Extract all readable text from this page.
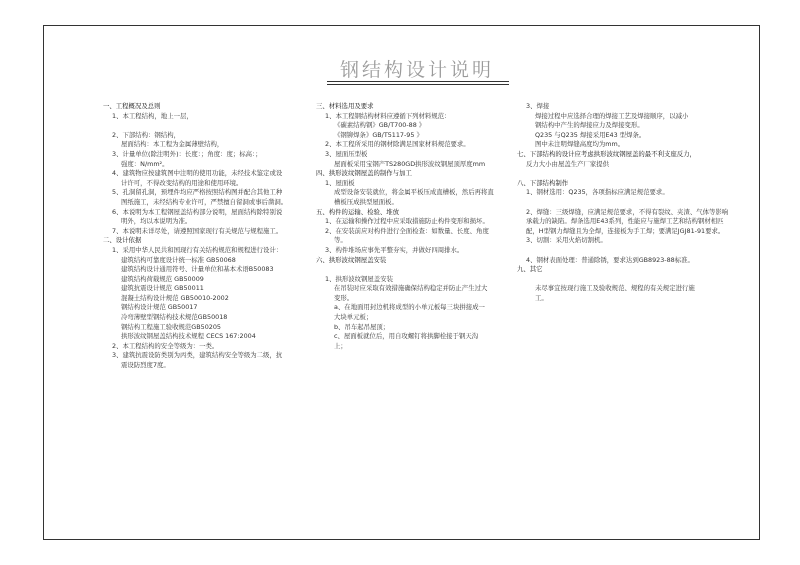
钢结构设计说明
一、工程概况及总则
1、本工程结构，地上一层，
2、下部结构：钢结构，
屋面结构：本工程为金属薄壁结构，
3、计量单位(除注明外)：长度：；角度：度；标高：；
强度：N/mm²。
4、建筑物应按建筑图中注明的使用功能，未经技术鉴定或设
计许可，不得改变结构的用途和使用环境。
5、孔洞留孔洞，预埋件均应严格按照结构图并配合其他工种
图纸施工，未经结构专业许可，严禁擅自留洞或事后凿洞。
6、本说明为本工程钢屋盖结构部分说明，屋面结构除特别说
明外，均以本说明为准。
7、本说明未详尽处，请遵照国家现行有关规范与规程施工。
二、设计依据
1、采用中华人民共和国现行有关结构规范和规程进行设计：
建筑结构可靠度设计统一标准 GB50068
建筑结构设计通用符号、计量单位和基本术语B50083
建筑结构荷载规范 GB50009
建筑抗震设计规范 GB50011
混凝土结构设计规范 GB50010-2002
钢结构设计规范 GB50017
冷弯薄壁型钢结构技术规范GB50018
钢结构工程施工验收规范GB50205
拱形波纹钢屋盖结构技术规程 CECS 167:2004
2、本工程结构的安全等级为：一类。
3、建筑抗震设防类别为丙类，建筑结构安全等级为二级，抗
震设防烈度7度。
三、材料选用及要求
1、本工程钢结构材料应遵循下列材料规范：
《碳素结构钢》GB/T700-88 》
《钢铆焊条》GB/T5117-95 》
2、本工程所采用的钢材除满足国家材料规范要求。
3、屋面压型板
屋面板采用宝钢产TS280GD拱形波纹钢屋顶厚度mm
四、拱形波纹钢屋盖的制作与加工
1、屋面板
成型设备安装就位，将金属平板压成直槽板，然后再将直
槽板压成拱型屋面板。
五、构件的运输、检验、堆放
1、在运输和操作过程中应采取措施防止构件变形和损坏。
2、在安装前应对构件进行全面检查：如数量、长度、角度
等。
3、构件堆场应事先平整夯实，并做好四周排水。
六、拱形波纹钢屋盖安装
1、拱形波纹钢屋盖安装
在吊装时应采取有效措施确保结构稳定并防止产生过大
变形。
a、在地面用封边机将成型的小单元板每三块拼接成一
大块单元板；
b、吊车起吊屋顶；
c、屋面板就位后，用自攻螺钉将拱脚栓接于钢天沟
上；
3、焊接
焊接过程中应选择合理的焊接工艺及焊接顺序，以减小
钢结构中产生的焊接应力及焊接变形。
Q235 与Q235 焊接采用E43 型焊条。
图中未注明焊缝高度均为mm。
七、下部结构的设计应考虑拱形波纹钢屋盖的最不利支座反力，
反力大小由屋盖生产厂家提供
八、下部结构制作
1、钢材选用：Q235，各项指标应满足规范要求。
2、焊缝：三级焊缝，应满足规范要求，不得有裂纹、夹渣、气体等影响
承载力的缺陷。焊条选用E43系列，性能应与施焊工艺和结构钢材相匹
配，H型钢力焊缝且为全焊，连接板为手工焊；要满足JGJ81-91要求。
3、切割：采用火焰切割机。
4、钢材表面处理：普通除锈，要求达到GB8923-88标准。
九、其它
未尽事宜按现行施工及验收规范、规程的有关规定进行施
工。
